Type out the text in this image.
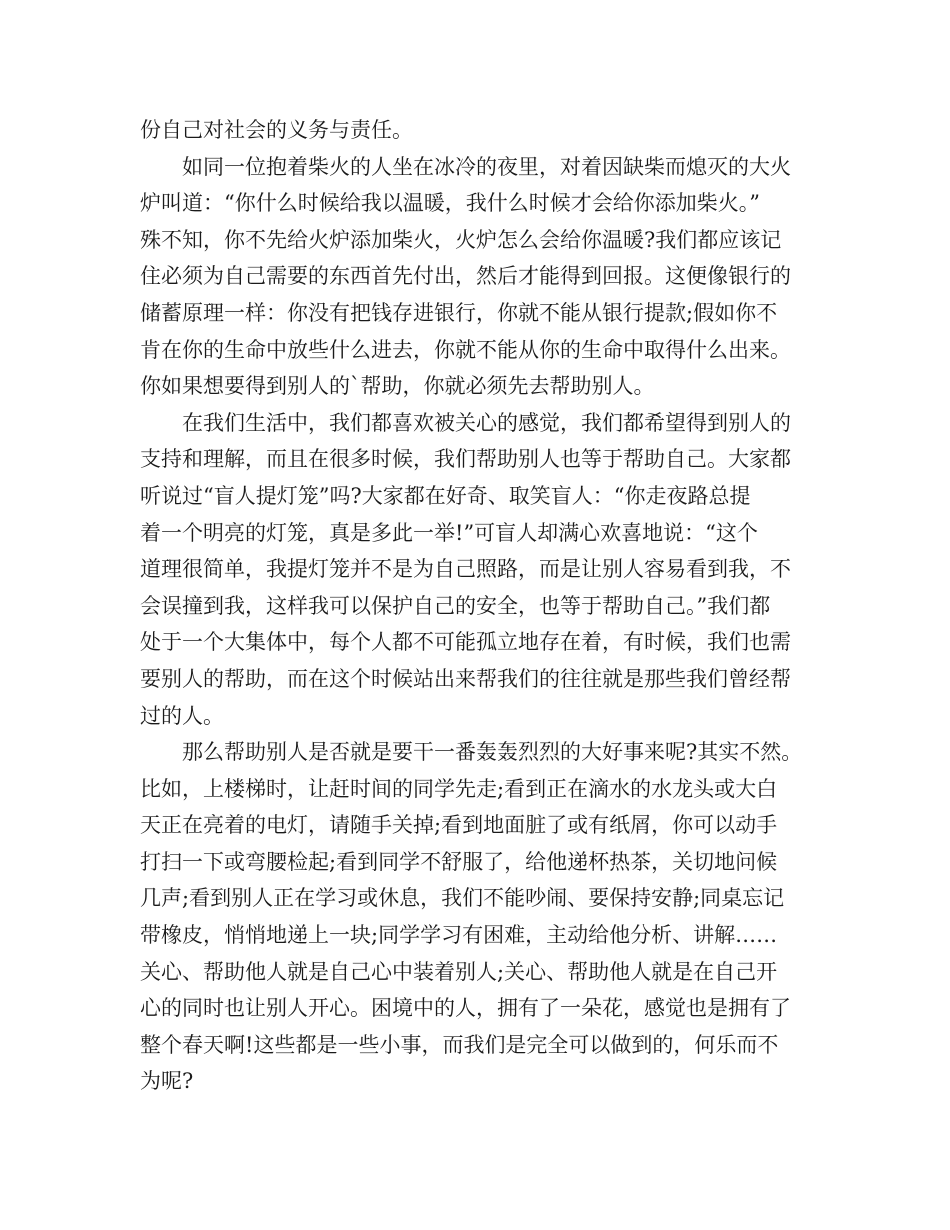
份自己对社会的义务与责任。
如同一位抱着柴火的人坐在冰冷的夜里，对着因缺柴而熄灭的大火
炉叫道：“你什么时候给我以温暖，我什么时候才会给你添加柴火。”
殊不知，你不先给火炉添加柴火，火炉怎么会给你温暖?我们都应该记
住必须为自己需要的东西首先付出，然后才能得到回报。这便像银行的
储蓄原理一样：你没有把钱存进银行，你就不能从银行提款;假如你不
肯在你的生命中放些什么进去，你就不能从你的生命中取得什么出来。
你如果想要得到别人的`帮助，你就必须先去帮助别人。
在我们生活中，我们都喜欢被关心的感觉，我们都希望得到别人的
支持和理解，而且在很多时候，我们帮助别人也等于帮助自己。大家都
听说过“盲人提灯笼”吗?大家都在好奇、取笑盲人：“你走夜路总提
着一个明亮的灯笼，真是多此一举!”可盲人却满心欢喜地说：“这个
道理很简单，我提灯笼并不是为自己照路，而是让别人容易看到我，不
会误撞到我，这样我可以保护自己的安全，也等于帮助自己。”我们都
处于一个大集体中，每个人都不可能孤立地存在着，有时候，我们也需
要别人的帮助，而在这个时候站出来帮我们的往往就是那些我们曾经帮
过的人。
那么帮助别人是否就是要干一番轰轰烈烈的大好事来呢?其实不然。
比如，上楼梯时，让赶时间的同学先走;看到正在滴水的水龙头或大白
天正在亮着的电灯，请随手关掉;看到地面脏了或有纸屑，你可以动手
打扫一下或弯腰检起;看到同学不舒服了，给他递杯热茶，关切地问候
几声;看到别人正在学习或休息，我们不能吵闹、要保持安静;同桌忘记
带橡皮，悄悄地递上一块;同学学习有困难，主动给他分析、讲解……
关心、帮助他人就是自己心中装着别人;关心、帮助他人就是在自己开
心的同时也让别人开心。困境中的人，拥有了一朵花，感觉也是拥有了
整个春天啊!这些都是一些小事，而我们是完全可以做到的，何乐而不
为呢?
